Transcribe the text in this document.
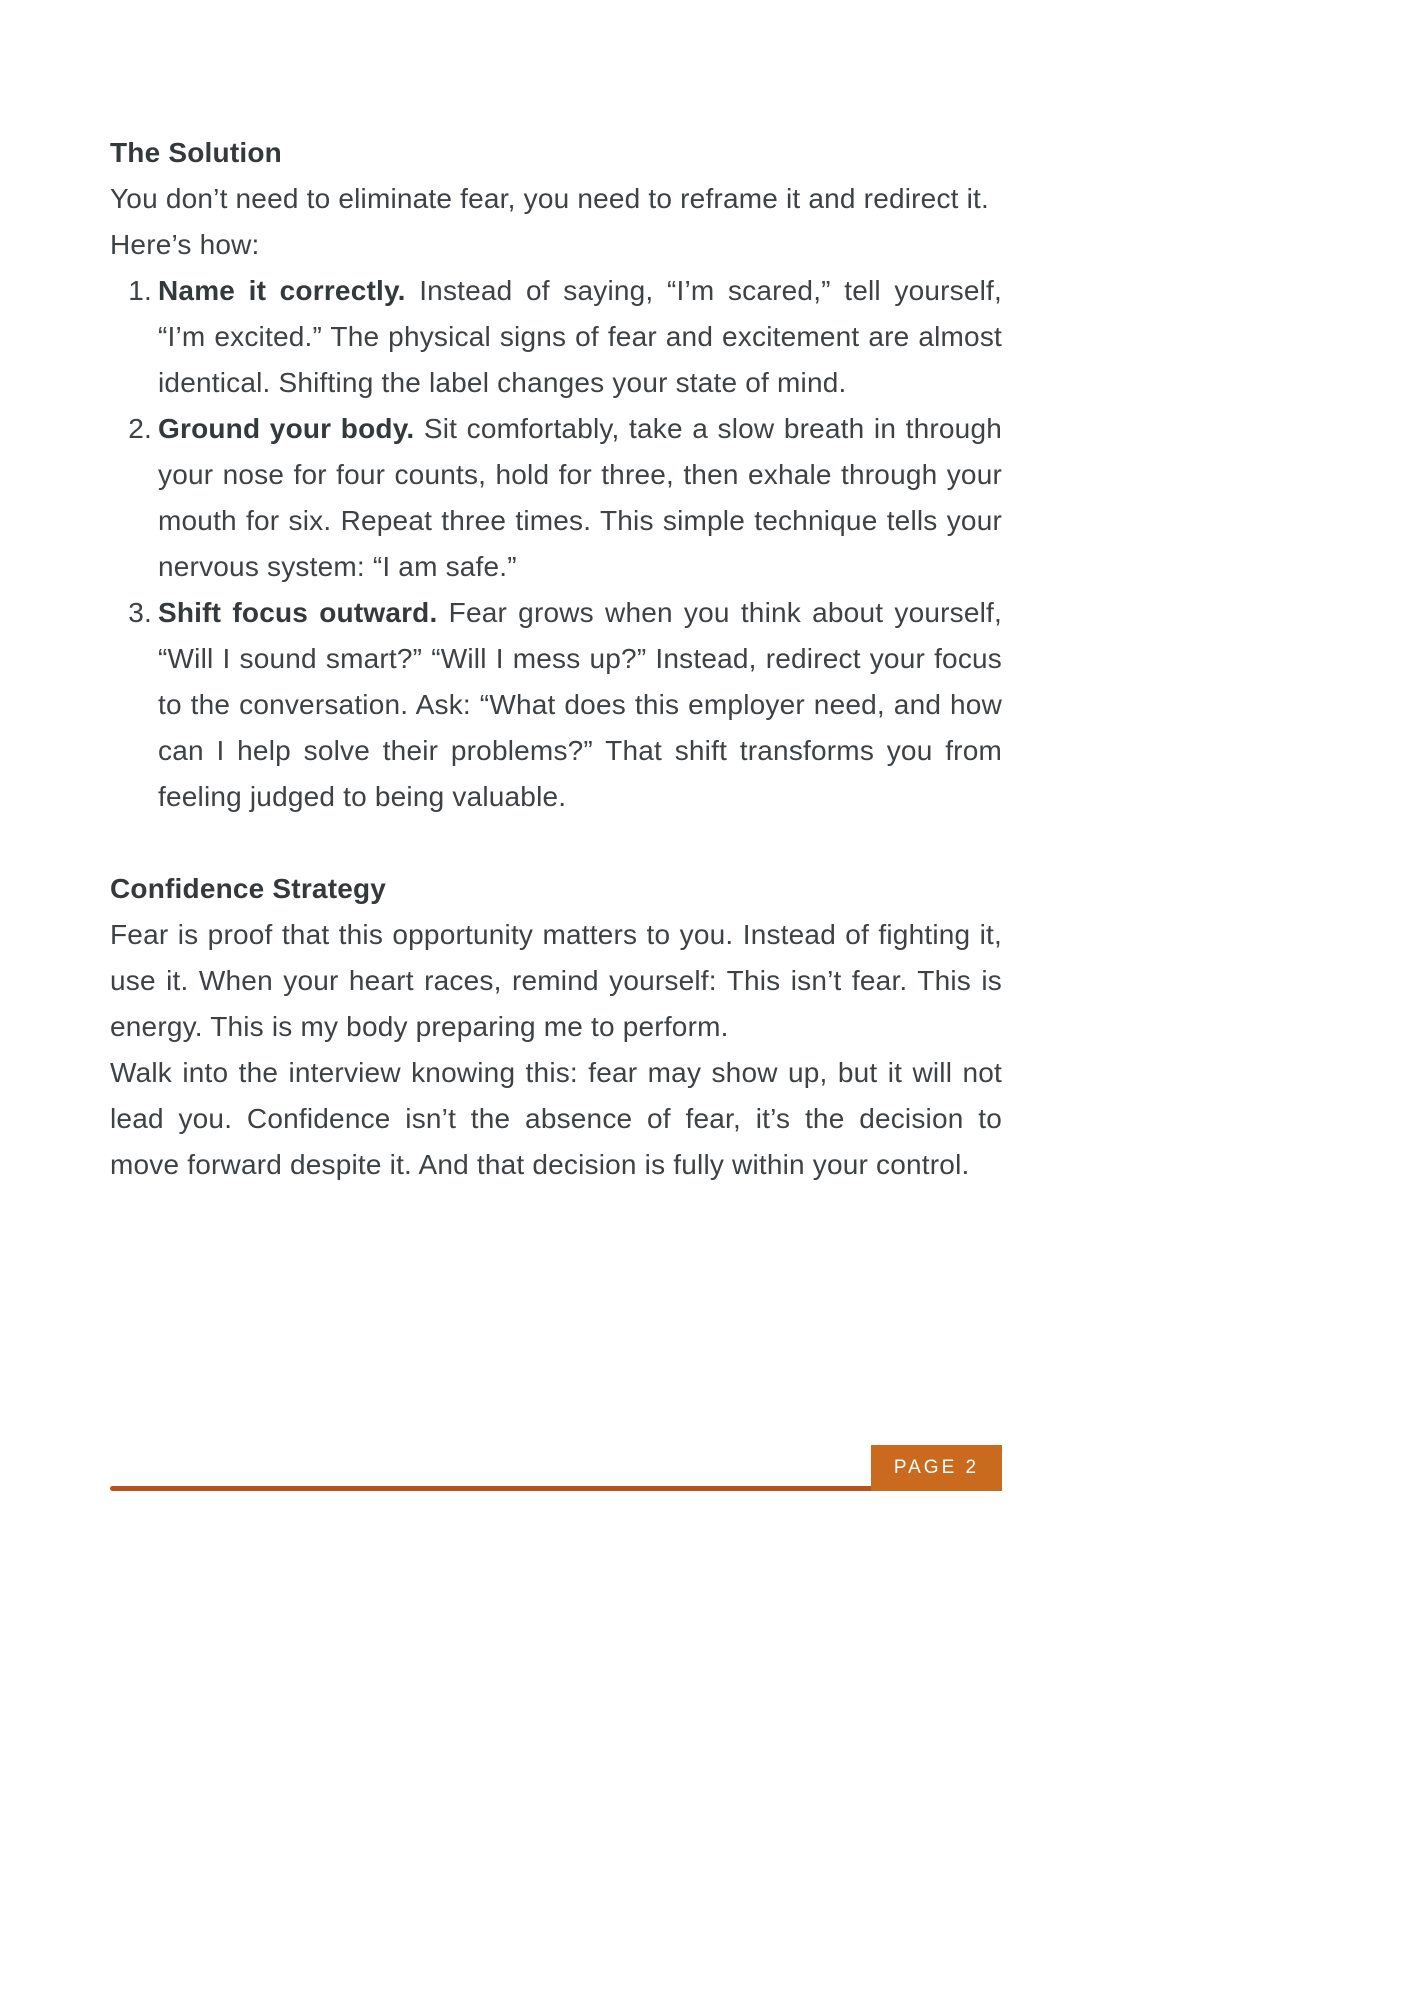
The Solution

You don’t need to eliminate fear, you need to reframe it and redirect it.

Here’s how:

1. Name it correctly. Instead of saying, “I’m scared,” tell yourself, “I’m excited.” The physical signs of fear and excitement are almost identical. Shifting the label changes your state of mind.
2. Ground your body. Sit comfortably, take a slow breath in through your nose for four counts, hold for three, then exhale through your mouth for six. Repeat three times. This simple technique tells your nervous system: “I am safe.”
3. Shift focus outward. Fear grows when you think about yourself, “Will I sound smart?” “Will I mess up?” Instead, redirect your focus to the conversation. Ask: “What does this employer need, and how can I help solve their problems?” That shift transforms you from feeling judged to being valuable.
Confidence Strategy

Fear is proof that this opportunity matters to you. Instead of fighting it, use it. When your heart races, remind yourself: This isn’t fear. This is energy. This is my body preparing me to perform.

Walk into the interview knowing this: fear may show up, but it will not lead you. Confidence isn’t the absence of fear, it’s the decision to move forward despite it. And that decision is fully within your control.

PAGE 2
